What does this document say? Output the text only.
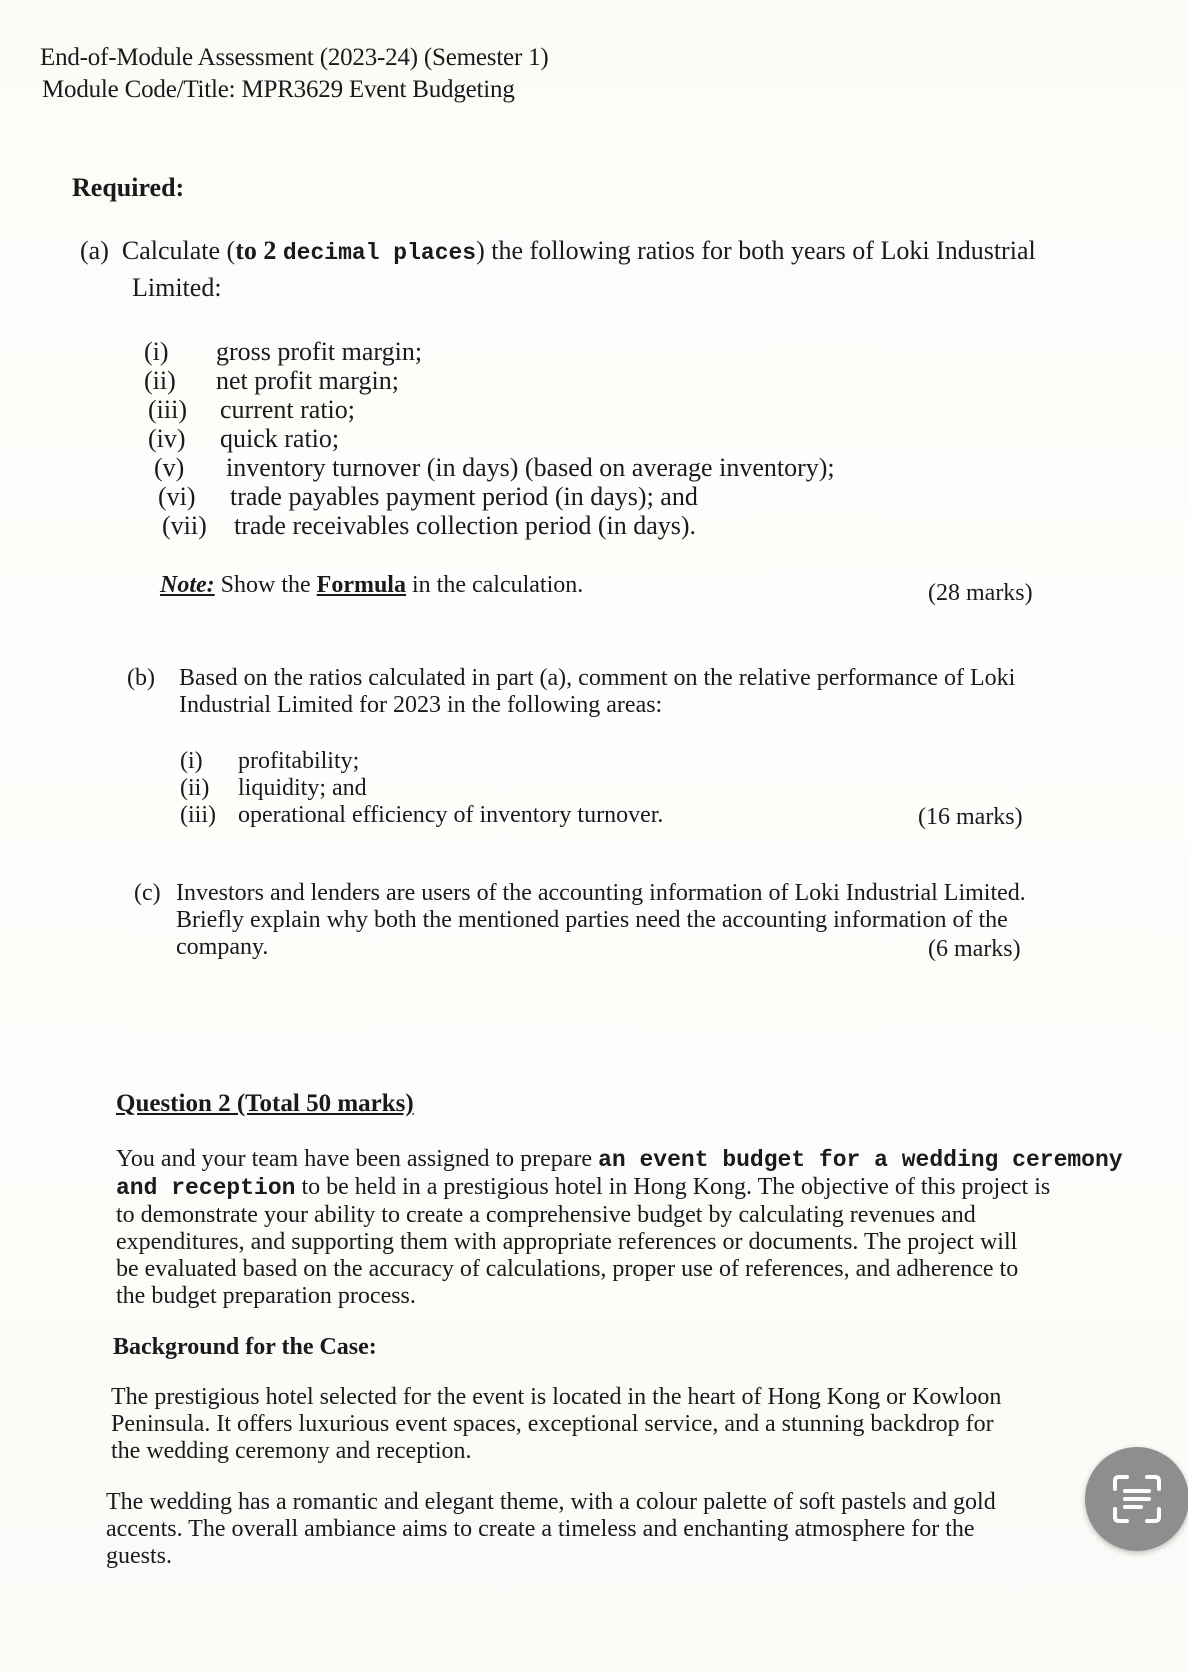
End-of-Module Assessment (2023-24) (Semester 1)
Module Code/Title: MPR3629 Event Budgeting
Required:
(a) Calculate (to 2 decimal places) the following ratios for both years of Loki Industrial
Limited:
(i) gross profit margin;
(ii) net profit margin;
(iii) current ratio;
(iv) quick ratio;
(v) inventory turnover (in days) (based on average inventory);
(vi) trade payables payment period (in days); and
(vii) trade receivables collection period (in days).
Note: Show the Formula in the calculation.	(28 marks)
(b) Based on the ratios calculated in part (a), comment on the relative performance of Loki
Industrial Limited for 2023 in the following areas:
(i) profitability;
(ii) liquidity; and
(iii) operational efficiency of inventory turnover.	(16 marks)
(c) Investors and lenders are users of the accounting information of Loki Industrial Limited.
Briefly explain why both the mentioned parties need the accounting information of the
company.	(6 marks)
Question 2 (Total 50 marks)
You and your team have been assigned to prepare an event budget for a wedding ceremony
and reception to be held in a prestigious hotel in Hong Kong. The objective of this project is
to demonstrate your ability to create a comprehensive budget by calculating revenues and
expenditures, and supporting them with appropriate references or documents. The project will
be evaluated based on the accuracy of calculations, proper use of references, and adherence to
the budget preparation process.
Background for the Case:
The prestigious hotel selected for the event is located in the heart of Hong Kong or Kowloon
Peninsula. It offers luxurious event spaces, exceptional service, and a stunning backdrop for
the wedding ceremony and reception.
The wedding has a romantic and elegant theme, with a colour palette of soft pastels and gold
accents. The overall ambiance aims to create a timeless and enchanting atmosphere for the
guests.
